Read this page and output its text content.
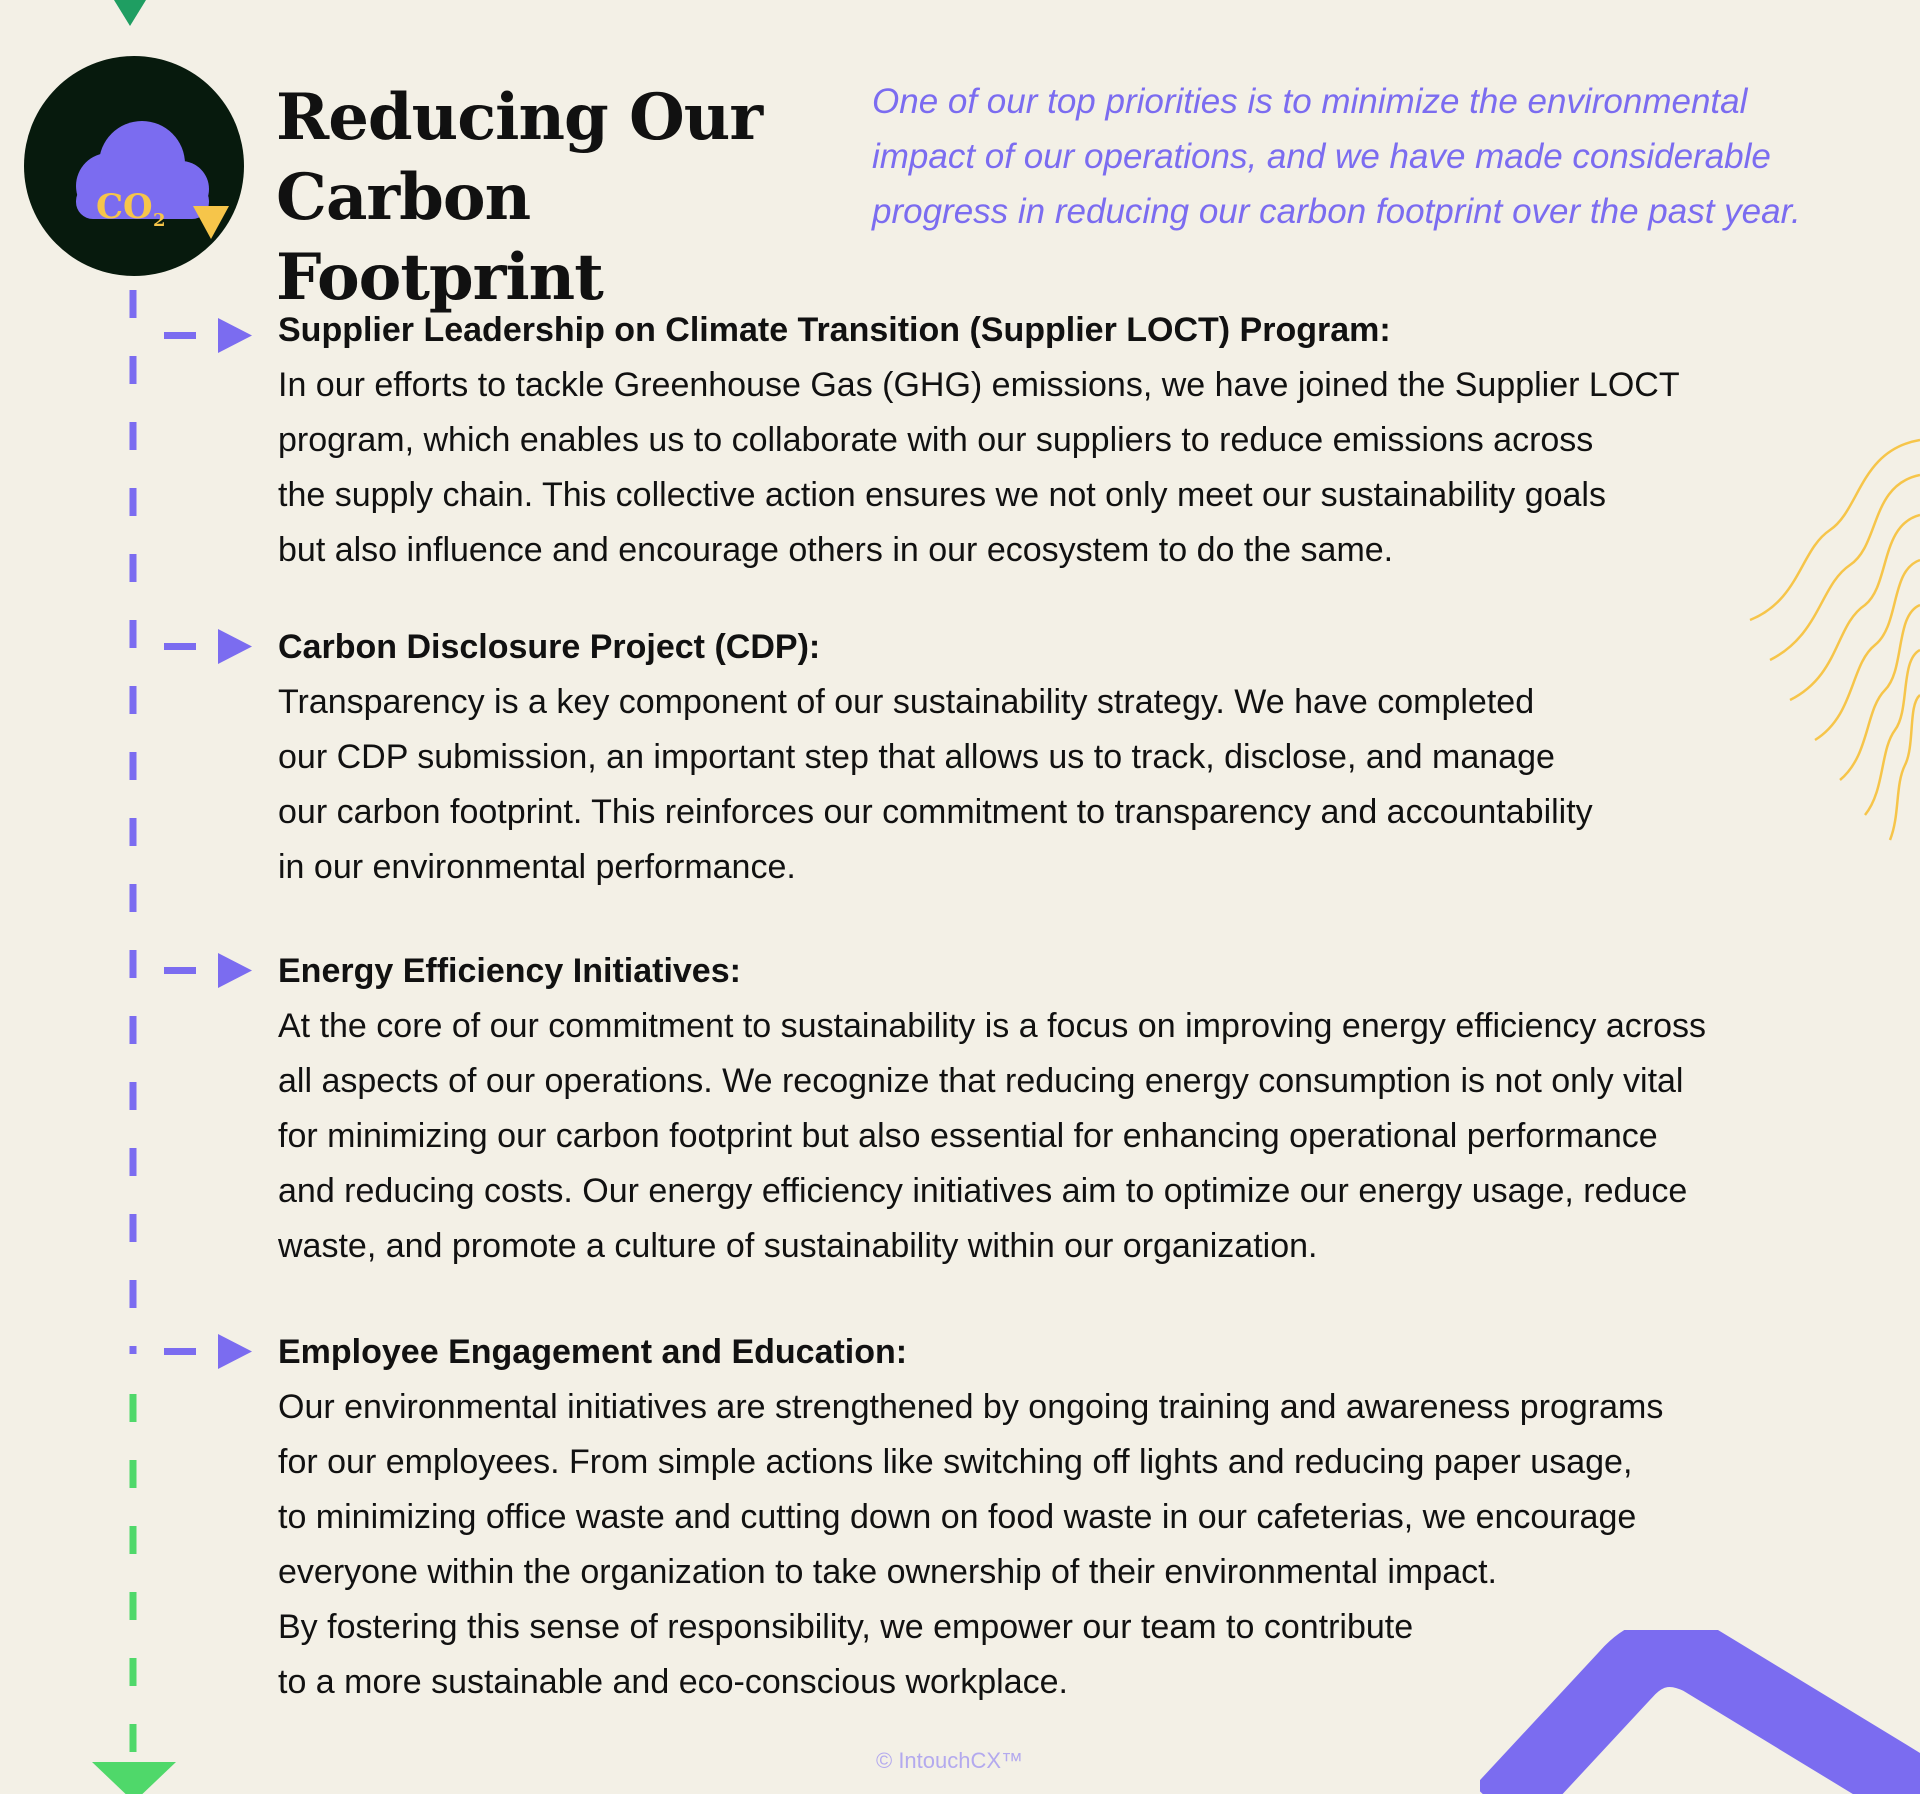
CO 2
Reducing Our
Carbon Footprint

One of our top priorities is to minimize the environmental
impact of our operations, and we have made considerable
progress in reducing our carbon footprint over the past year.

Supplier Leadership on Climate Transition (Supplier LOCT) Program:

In our efforts to tackle Greenhouse Gas (GHG) emissions, we have joined the Supplier LOCT
program, which enables us to collaborate with our suppliers to reduce emissions across
the supply chain. This collective action ensures we not only meet our sustainability goals
but also influence and encourage others in our ecosystem to do the same.

Carbon Disclosure Project (CDP):

Transparency is a key component of our sustainability strategy. We have completed
our CDP submission, an important step that allows us to track, disclose, and manage
our carbon footprint. This reinforces our commitment to transparency and accountability
in our environmental performance.

Energy Efficiency Initiatives:

At the core of our commitment to sustainability is a focus on improving energy efficiency across
all aspects of our operations. We recognize that reducing energy consumption is not only vital
for minimizing our carbon footprint but also essential for enhancing operational performance
and reducing costs. Our energy efficiency initiatives aim to optimize our energy usage, reduce
waste, and promote a culture of sustainability within our organization.

Employee Engagement and Education:

Our environmental initiatives are strengthened by ongoing training and awareness programs
for our employees. From simple actions like switching off lights and reducing paper usage,
to minimizing office waste and cutting down on food waste in our cafeterias, we encourage
everyone within the organization to take ownership of their environmental impact.
By fostering this sense of responsibility, we empower our team to contribute
to a more sustainable and eco-conscious workplace.

© IntouchCX™
